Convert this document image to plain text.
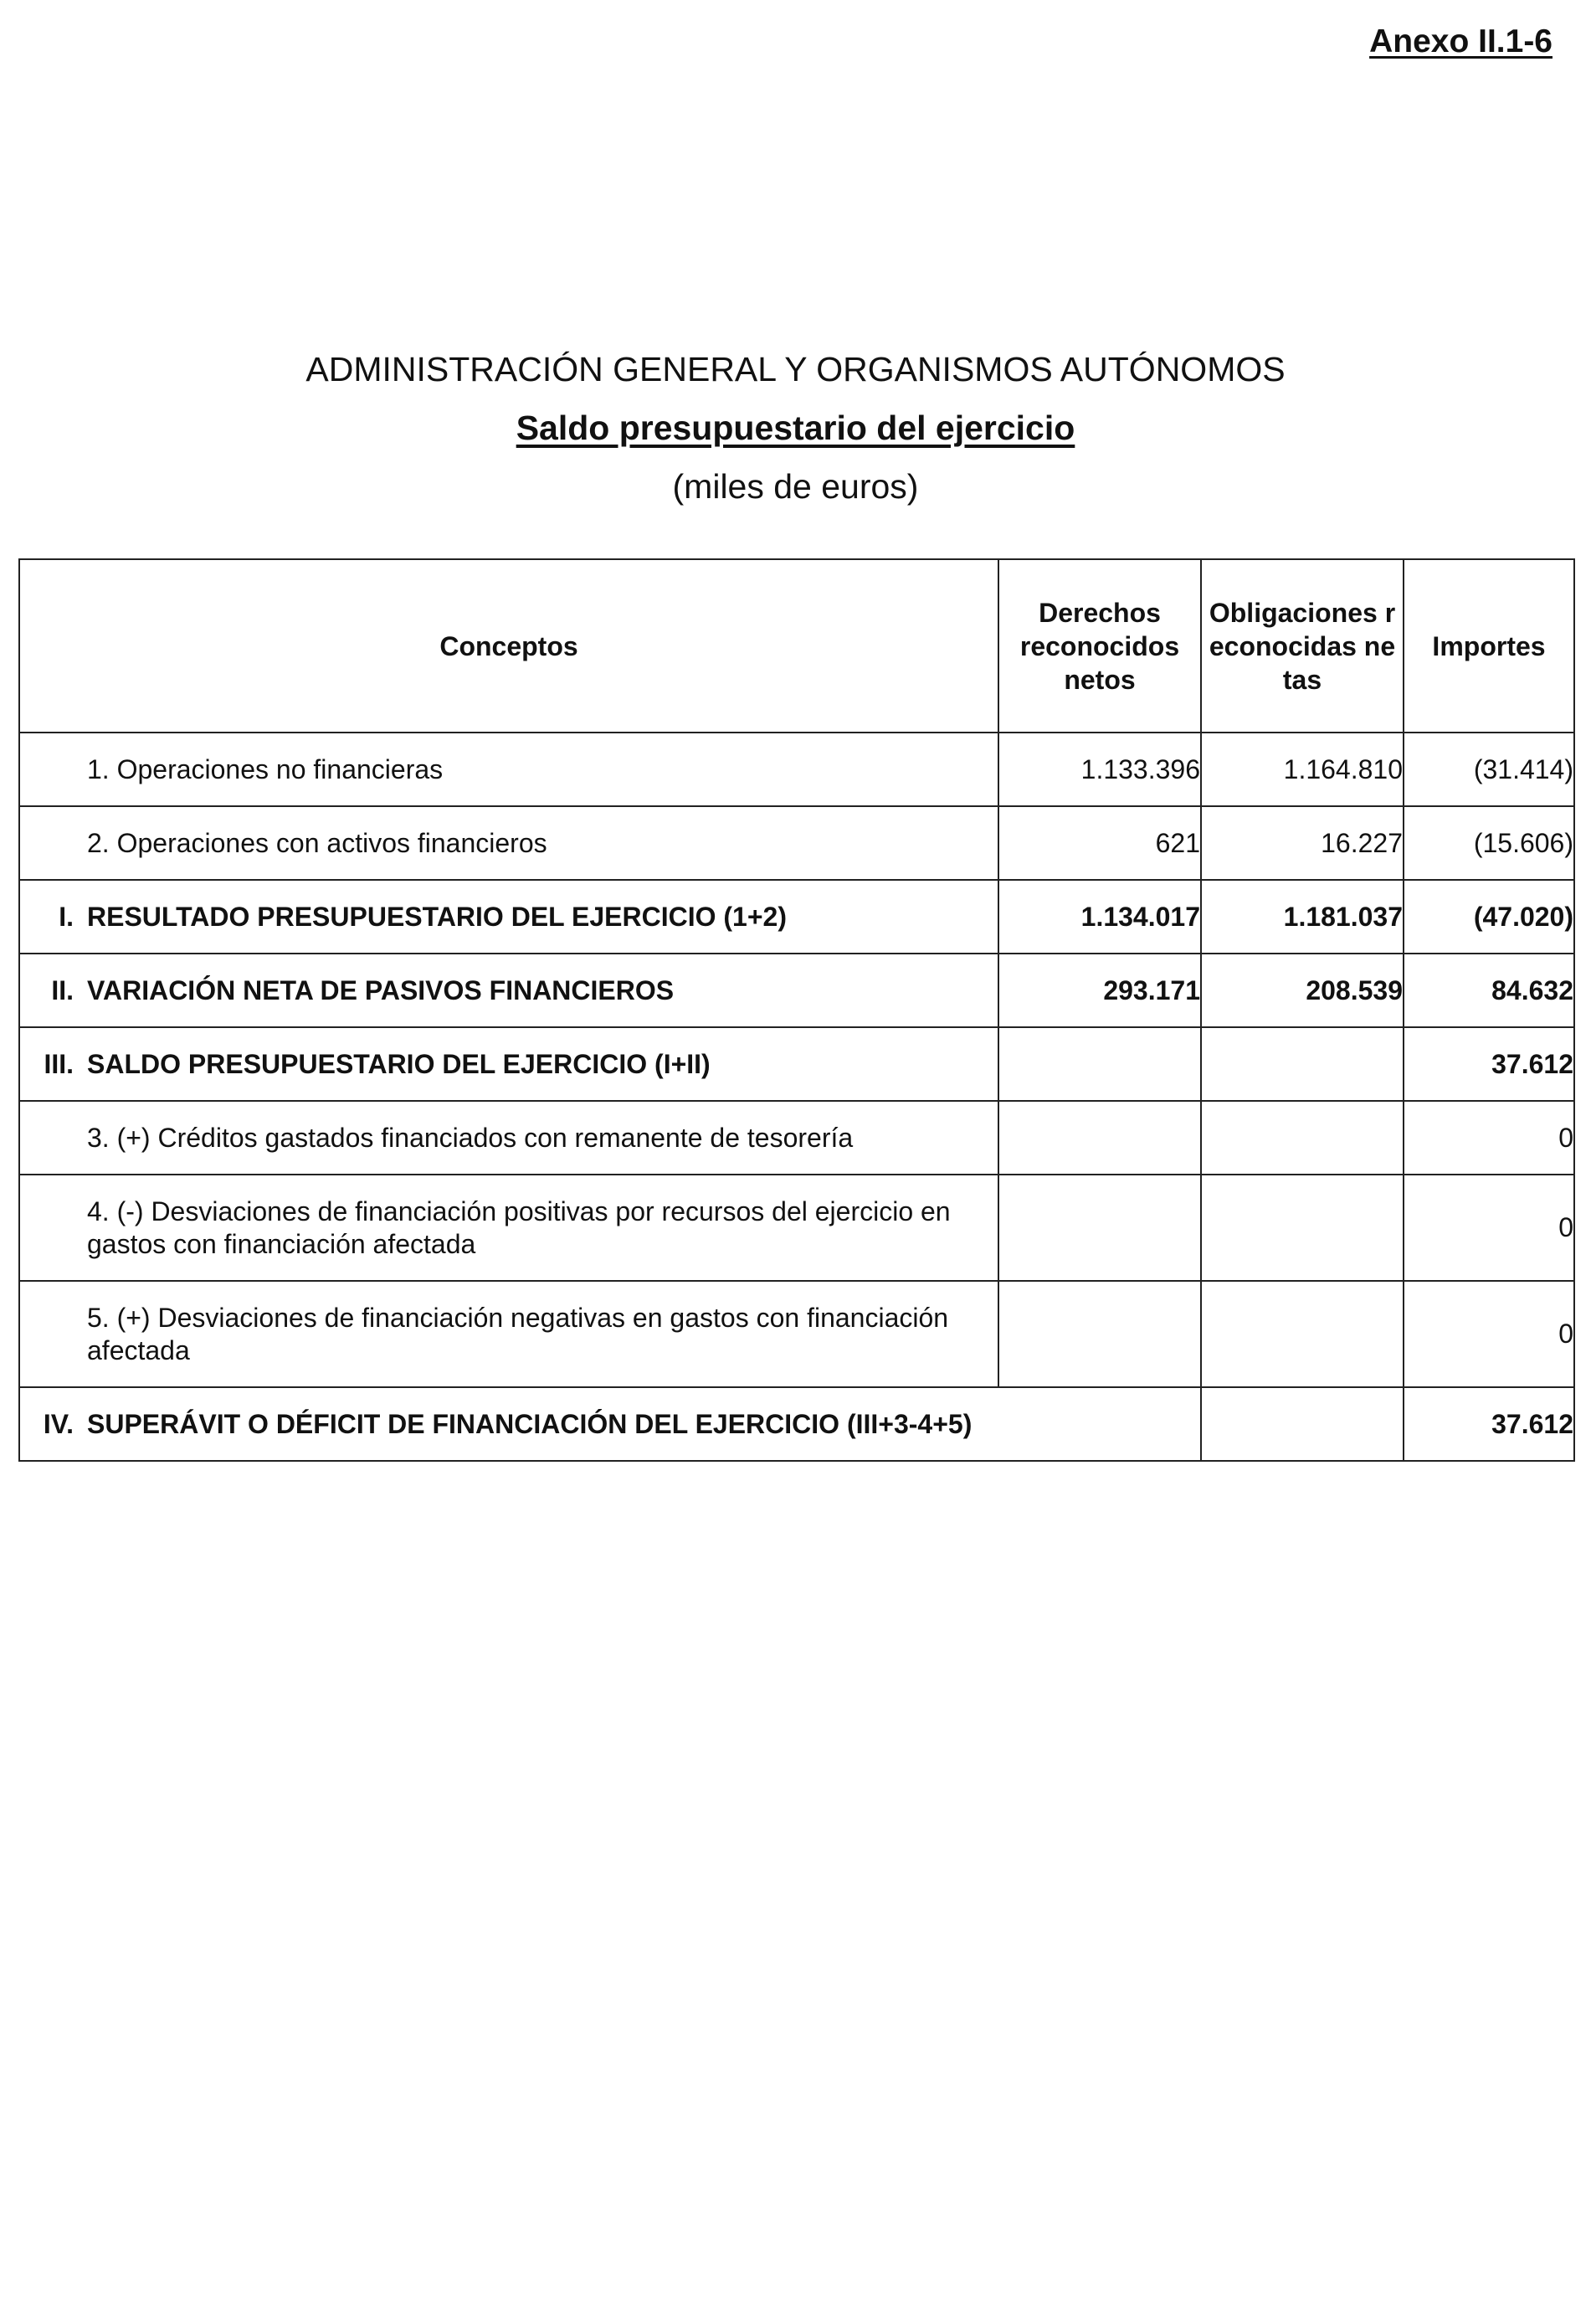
Anexo II.1-6
ADMINISTRACIÓN GENERAL Y ORGANISMOS AUTÓNOMOS
Saldo presupuestario del ejercicio
(miles de euros)
Conceptos	Derechos reconocidos netos	Obligaciones reconocidas netas	Importes

1. Operaciones no financieras	1.133.396	1.164.810	(31.414)

2. Operaciones con activos financieros	621	16.227	(15.606)

I. RESULTADO PRESUPUESTARIO DEL EJERCICIO (1+2)	1.134.017	1.181.037	(47.020)

II. VARIACIÓN NETA DE PASIVOS FINANCIEROS	293.171	208.539	84.632

III. SALDO PRESUPUESTARIO DEL EJERCICIO (I+II)			37.612

3. (+) Créditos gastados financiados con remanente de tesorería			0

4. (-) Desviaciones de financiación positivas por recursos del ejercicio en gastos con financiación afectada			0

5. (+) Desviaciones de financiación negativas en gastos con financiación afectada			0

IV. SUPERÁVIT O DÉFICIT DE FINANCIACIÓN DEL EJERCICIO (III+3-4+5)			37.612
